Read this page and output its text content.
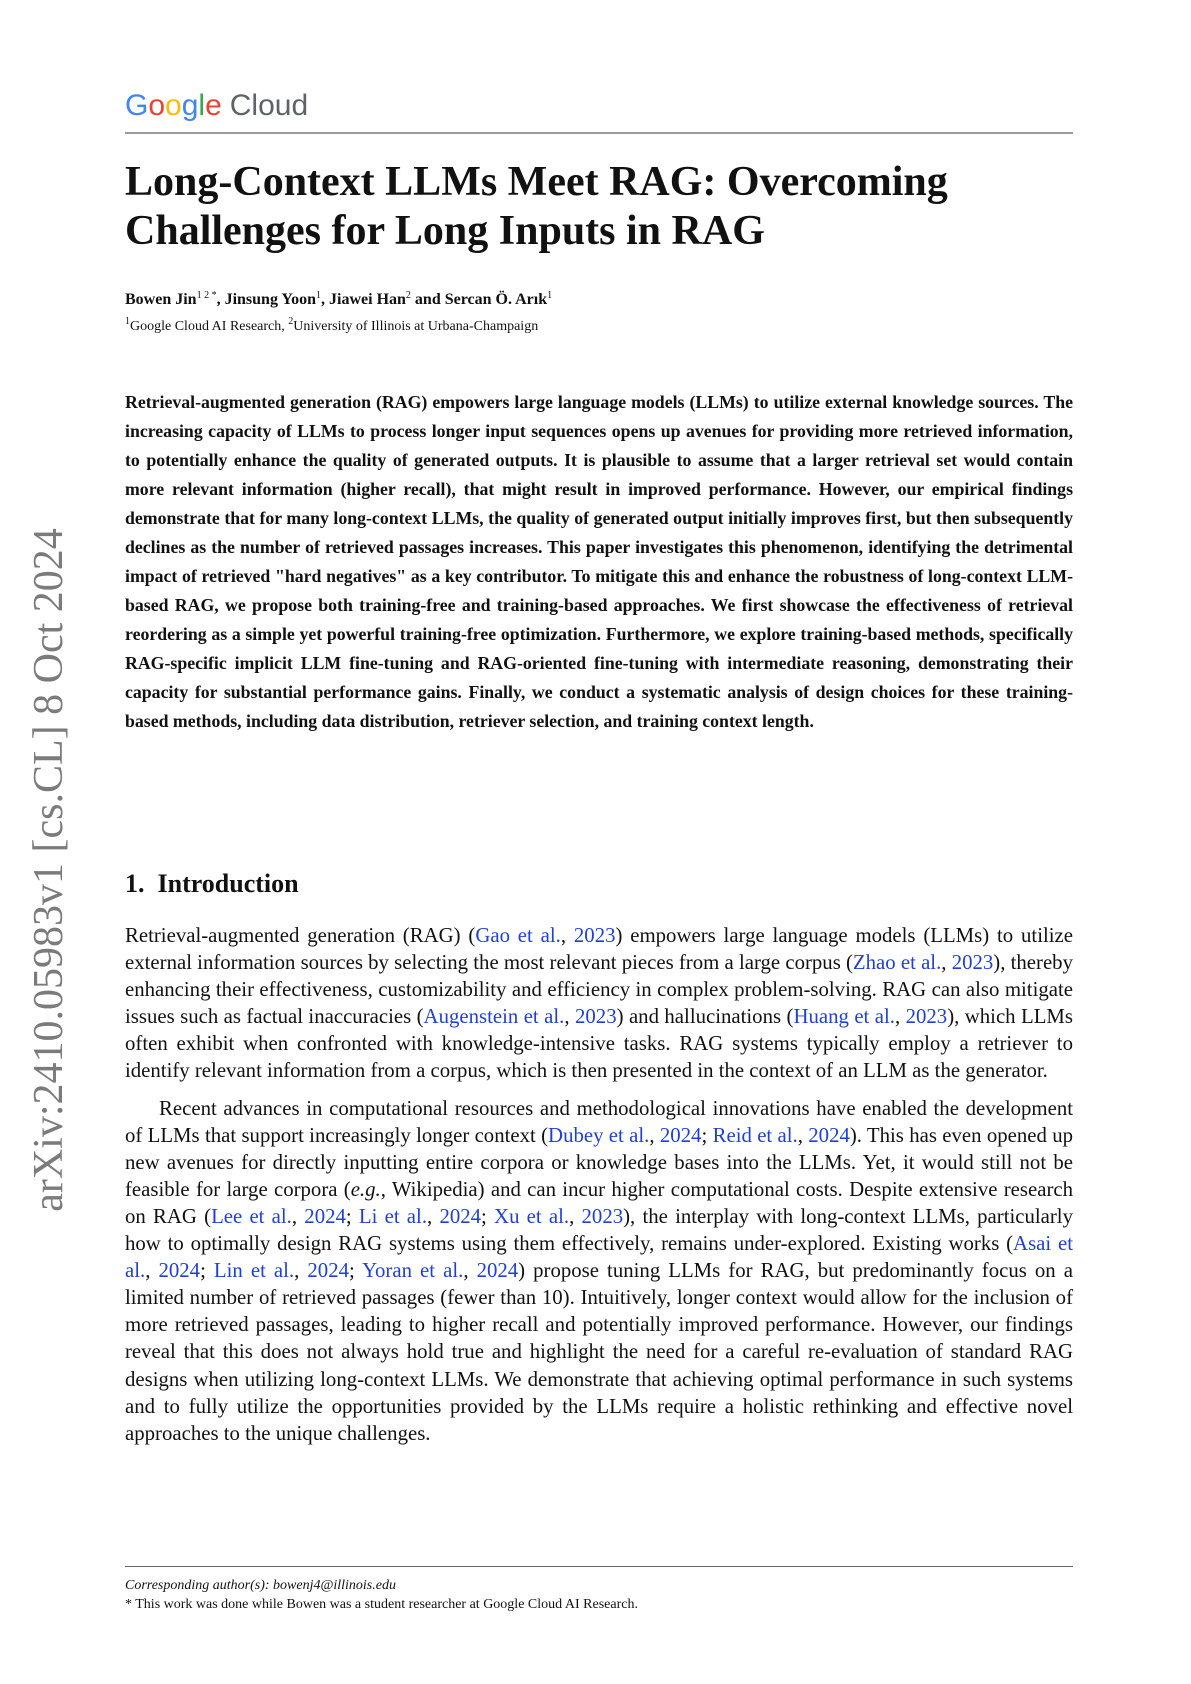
Google Cloud
Long-Context LLMs Meet RAG: Overcoming Challenges for Long Inputs in RAG
Bowen Jin$^{1 2 *}$, Jinsung Yoon$^1$, Jiawei Han$^2$ and Sercan Ö. Arık$^1$
$^1$Google Cloud AI Research, $^2$University of Illinois at Urbana-Champaign

Retrieval-augmented generation (RAG) empowers large language models (LLMs) to utilize external knowledge sources. The increasing capacity of LLMs to process longer input sequences opens up avenues for providing more retrieved information, to potentially enhance the quality of generated outputs. It is plausible to assume that a larger retrieval set would contain more relevant information (higher recall), that might result in improved performance. However, our empirical findings demonstrate that for many long-context LLMs, the quality of generated output initially improves first, but then subsequently declines as the number of retrieved passages increases. This paper investigates this phenomenon, identifying the detrimental impact of retrieved "hard negatives" as a key contributor. To mitigate this and enhance the robustness of long-context LLM-based RAG, we propose both training-free and training-based approaches. We first showcase the effectiveness of retrieval reordering as a simple yet powerful training-free optimization. Furthermore, we explore training-based methods, specifically RAG-specific implicit LLM fine-tuning and RAG-oriented fine-tuning with intermediate reasoning, demonstrating their capacity for substantial performance gains. Finally, we conduct a systematic analysis of design choices for these training-based methods, including data distribution, retriever selection, and training context length.

arXiv:2410.05983v1 [cs.CL] 8 Oct 2024 1. Introduction

Retrieval-augmented generation (RAG) (Gao et al., 2023) empowers large language models (LLMs) to utilize external information sources by selecting the most relevant pieces from a large corpus (Zhao et al., 2023), thereby enhancing their effectiveness, customizability and efficiency in complex problem-solving. RAG can also mitigate issues such as factual inaccuracies (Augenstein et al., 2023) and hallucinations (Huang et al., 2023), which LLMs often exhibit when confronted with knowledge-intensive tasks. RAG systems typically employ a retriever to identify relevant information from a corpus, which is then presented in the context of an LLM as the generator.

Recent advances in computational resources and methodological innovations have enabled the development of LLMs that support increasingly longer context (Dubey et al., 2024; Reid et al., 2024). This has even opened up new avenues for directly inputting entire corpora or knowledge bases into the LLMs. Yet, it would still not be feasible for large corpora (e.g., Wikipedia) and can incur higher computational costs. Despite extensive research on RAG (Lee et al., 2024; Li et al., 2024; Xu et al., 2023), the interplay with long-context LLMs, particularly how to optimally design RAG systems using them effectively, remains under-explored. Existing works (Asai et al., 2024; Lin et al., 2024; Yoran et al., 2024) propose tuning LLMs for RAG, but predominantly focus on a limited number of retrieved passages (fewer than 10). Intuitively, longer context would allow for the inclusion of more retrieved passages, leading to higher recall and potentially improved performance. However, our findings reveal that this does not always hold true and highlight the need for a careful re-evaluation of standard RAG designs when utilizing long-context LLMs. We demonstrate that achieving optimal performance in such systems and to fully utilize the opportunities provided by the LLMs require a holistic rethinking and effective novel approaches to the unique challenges.

Corresponding author(s): bowenj4@illinois.edu
* This work was done while Bowen was a student researcher at Google Cloud AI Research.
